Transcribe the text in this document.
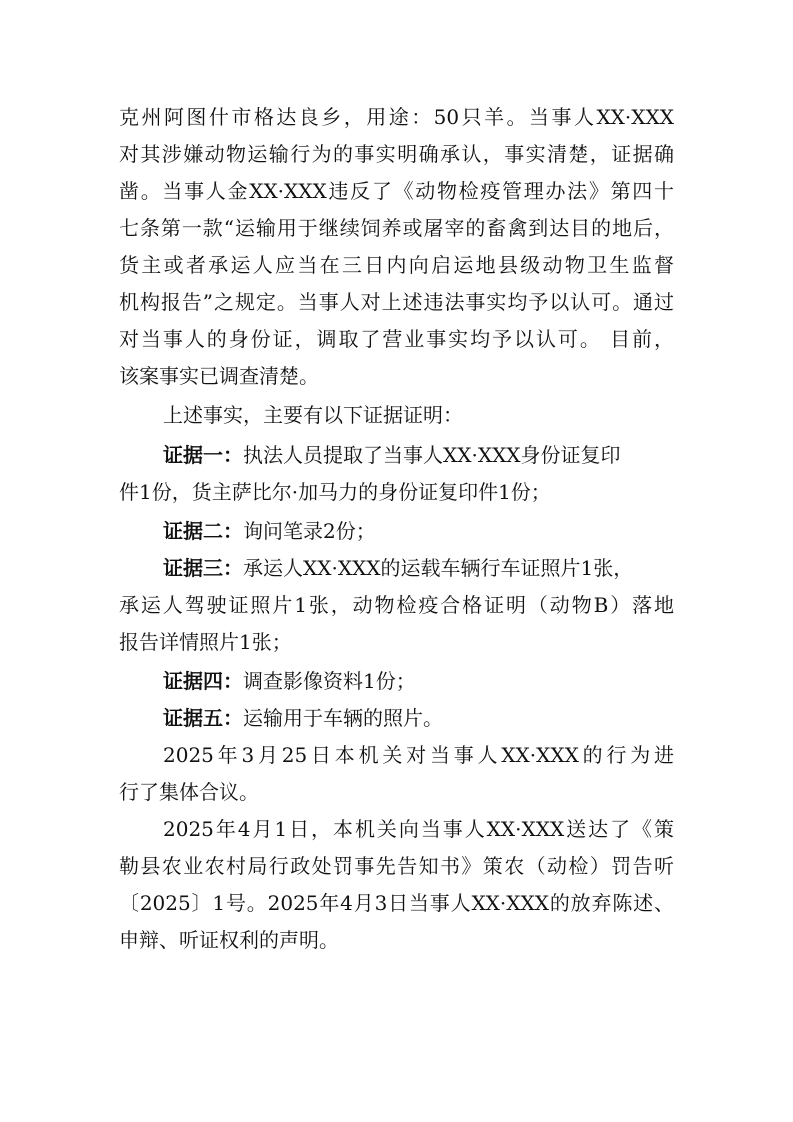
克州阿图什市格达良乡，用途：50只羊。当事人XX·XXX
对其涉嫌动物运输行为的事实明确承认，事实清楚，证据确
凿。当事人金XX·XXX违反了《动物检疫管理办法》第四十
七条第一款“运输用于继续饲养或屠宰的畜禽到达目的地后，
货主或者承运人应当在三日内向启运地县级动物卫生监督
机构报告”之规定。当事人对上述违法事实均予以认可。通过
对当事人的身份证，调取了营业事实均予以认可。 目前，
该案事实已调查清楚。
上述事实，主要有以下证据证明：
证据一：执法人员提取了当事人XX·XXX身份证复印
件1份，货主萨比尔·加马力的身份证复印件1份；
证据二：询问笔录2份；
证据三：承运人XX·XXX的运载车辆行车证照片1张，
承运人驾驶证照片1张，动物检疫合格证明（动物B）落地
报告详情照片1张；
证据四：调查影像资料1份；
证据五：运输用于车辆的照片。
2025年3月25日本机关对当事人XX·XXX的行为进
行了集体合议。
2025年4月1日，本机关向当事人XX·XXX送达了《策
勒县农业农村局行政处罚事先告知书》策农（动检）罚告听
〔2025〕1号。2025年4月3日当事人XX·XXX的放弃陈述、
申辩、听证权利的声明。
